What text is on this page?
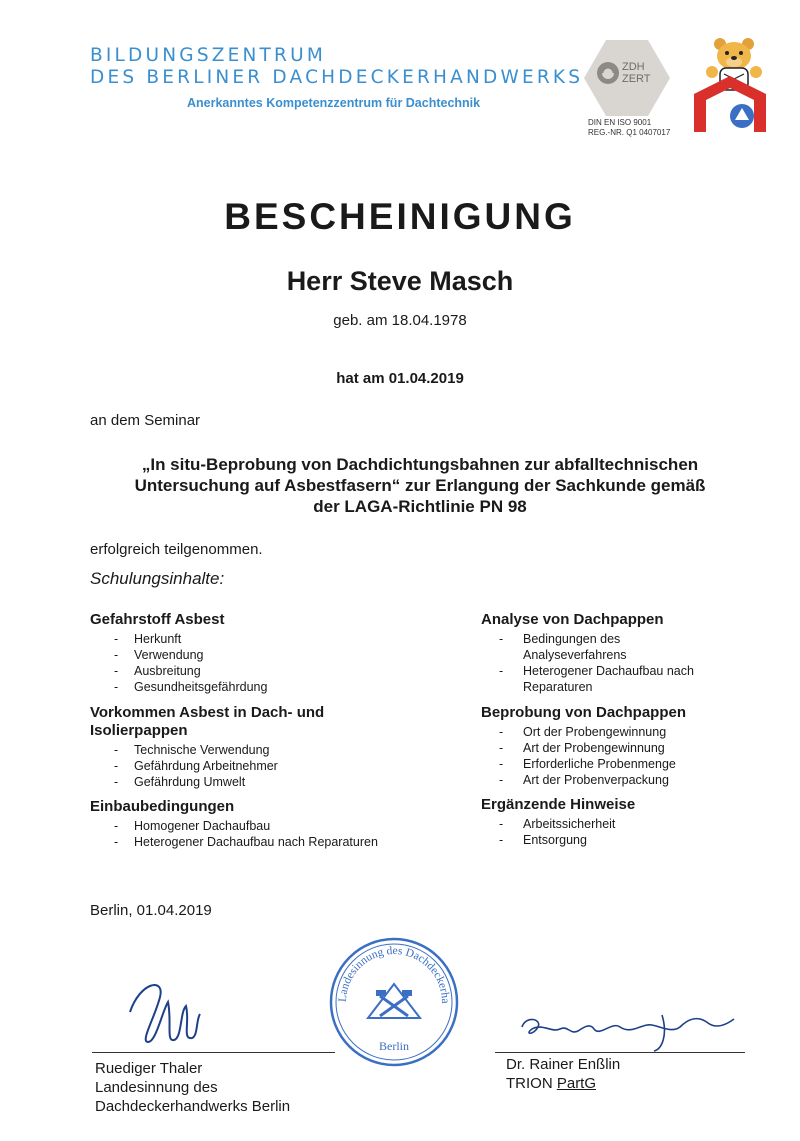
BILDUNGSZENTRUM
DES BERLINER DACHDECKERHANDWERKS
Anerkanntes Kompetenzzentrum für Dachtechnik
ZDH
ZERT
DIN EN ISO 9001
REG.-NR. Q1 0407017
BESCHEINIGUNG
Herr Steve Masch
geb. am 18.04.1978
hat am 01.04.2019
an dem Seminar
„In situ-Beprobung von Dachdichtungsbahnen zur abfalltechnischen
Untersuchung auf Asbestfasern“ zur Erlangung der Sachkunde gemäß
der LAGA-Richtlinie PN 98
erfolgreich teilgenommen.
Schulungsinhalte:
Gefahrstoff Asbest
- Herkunft
- Verwendung
- Ausbreitung
- Gesundheitsgefährdung
Vorkommen Asbest in Dach- und Isolierpappen
- Technische Verwendung
- Gefährdung Arbeitnehmer
- Gefährdung Umwelt
Einbaubedingungen
- Homogener Dachaufbau
- Heterogener Dachaufbau nach Reparaturen
Analyse von Dachpappen
- Bedingungen des Analyseverfahrens
- Heterogener Dachaufbau nach Reparaturen
Beprobung von Dachpappen
- Ort der Probengewinnung
- Art der Probengewinnung
- Erforderliche Probenmenge
- Art der Probenverpackung
Ergänzende Hinweise
- Arbeitssicherheit
- Entsorgung
Berlin, 01.04.2019
Ruediger Thaler
Landesinnung des
Dachdeckerhandwerks Berlin
Landesinnung des Dachdeckerha
Berlin
Dr. Rainer Enßlin
TRION PartG
